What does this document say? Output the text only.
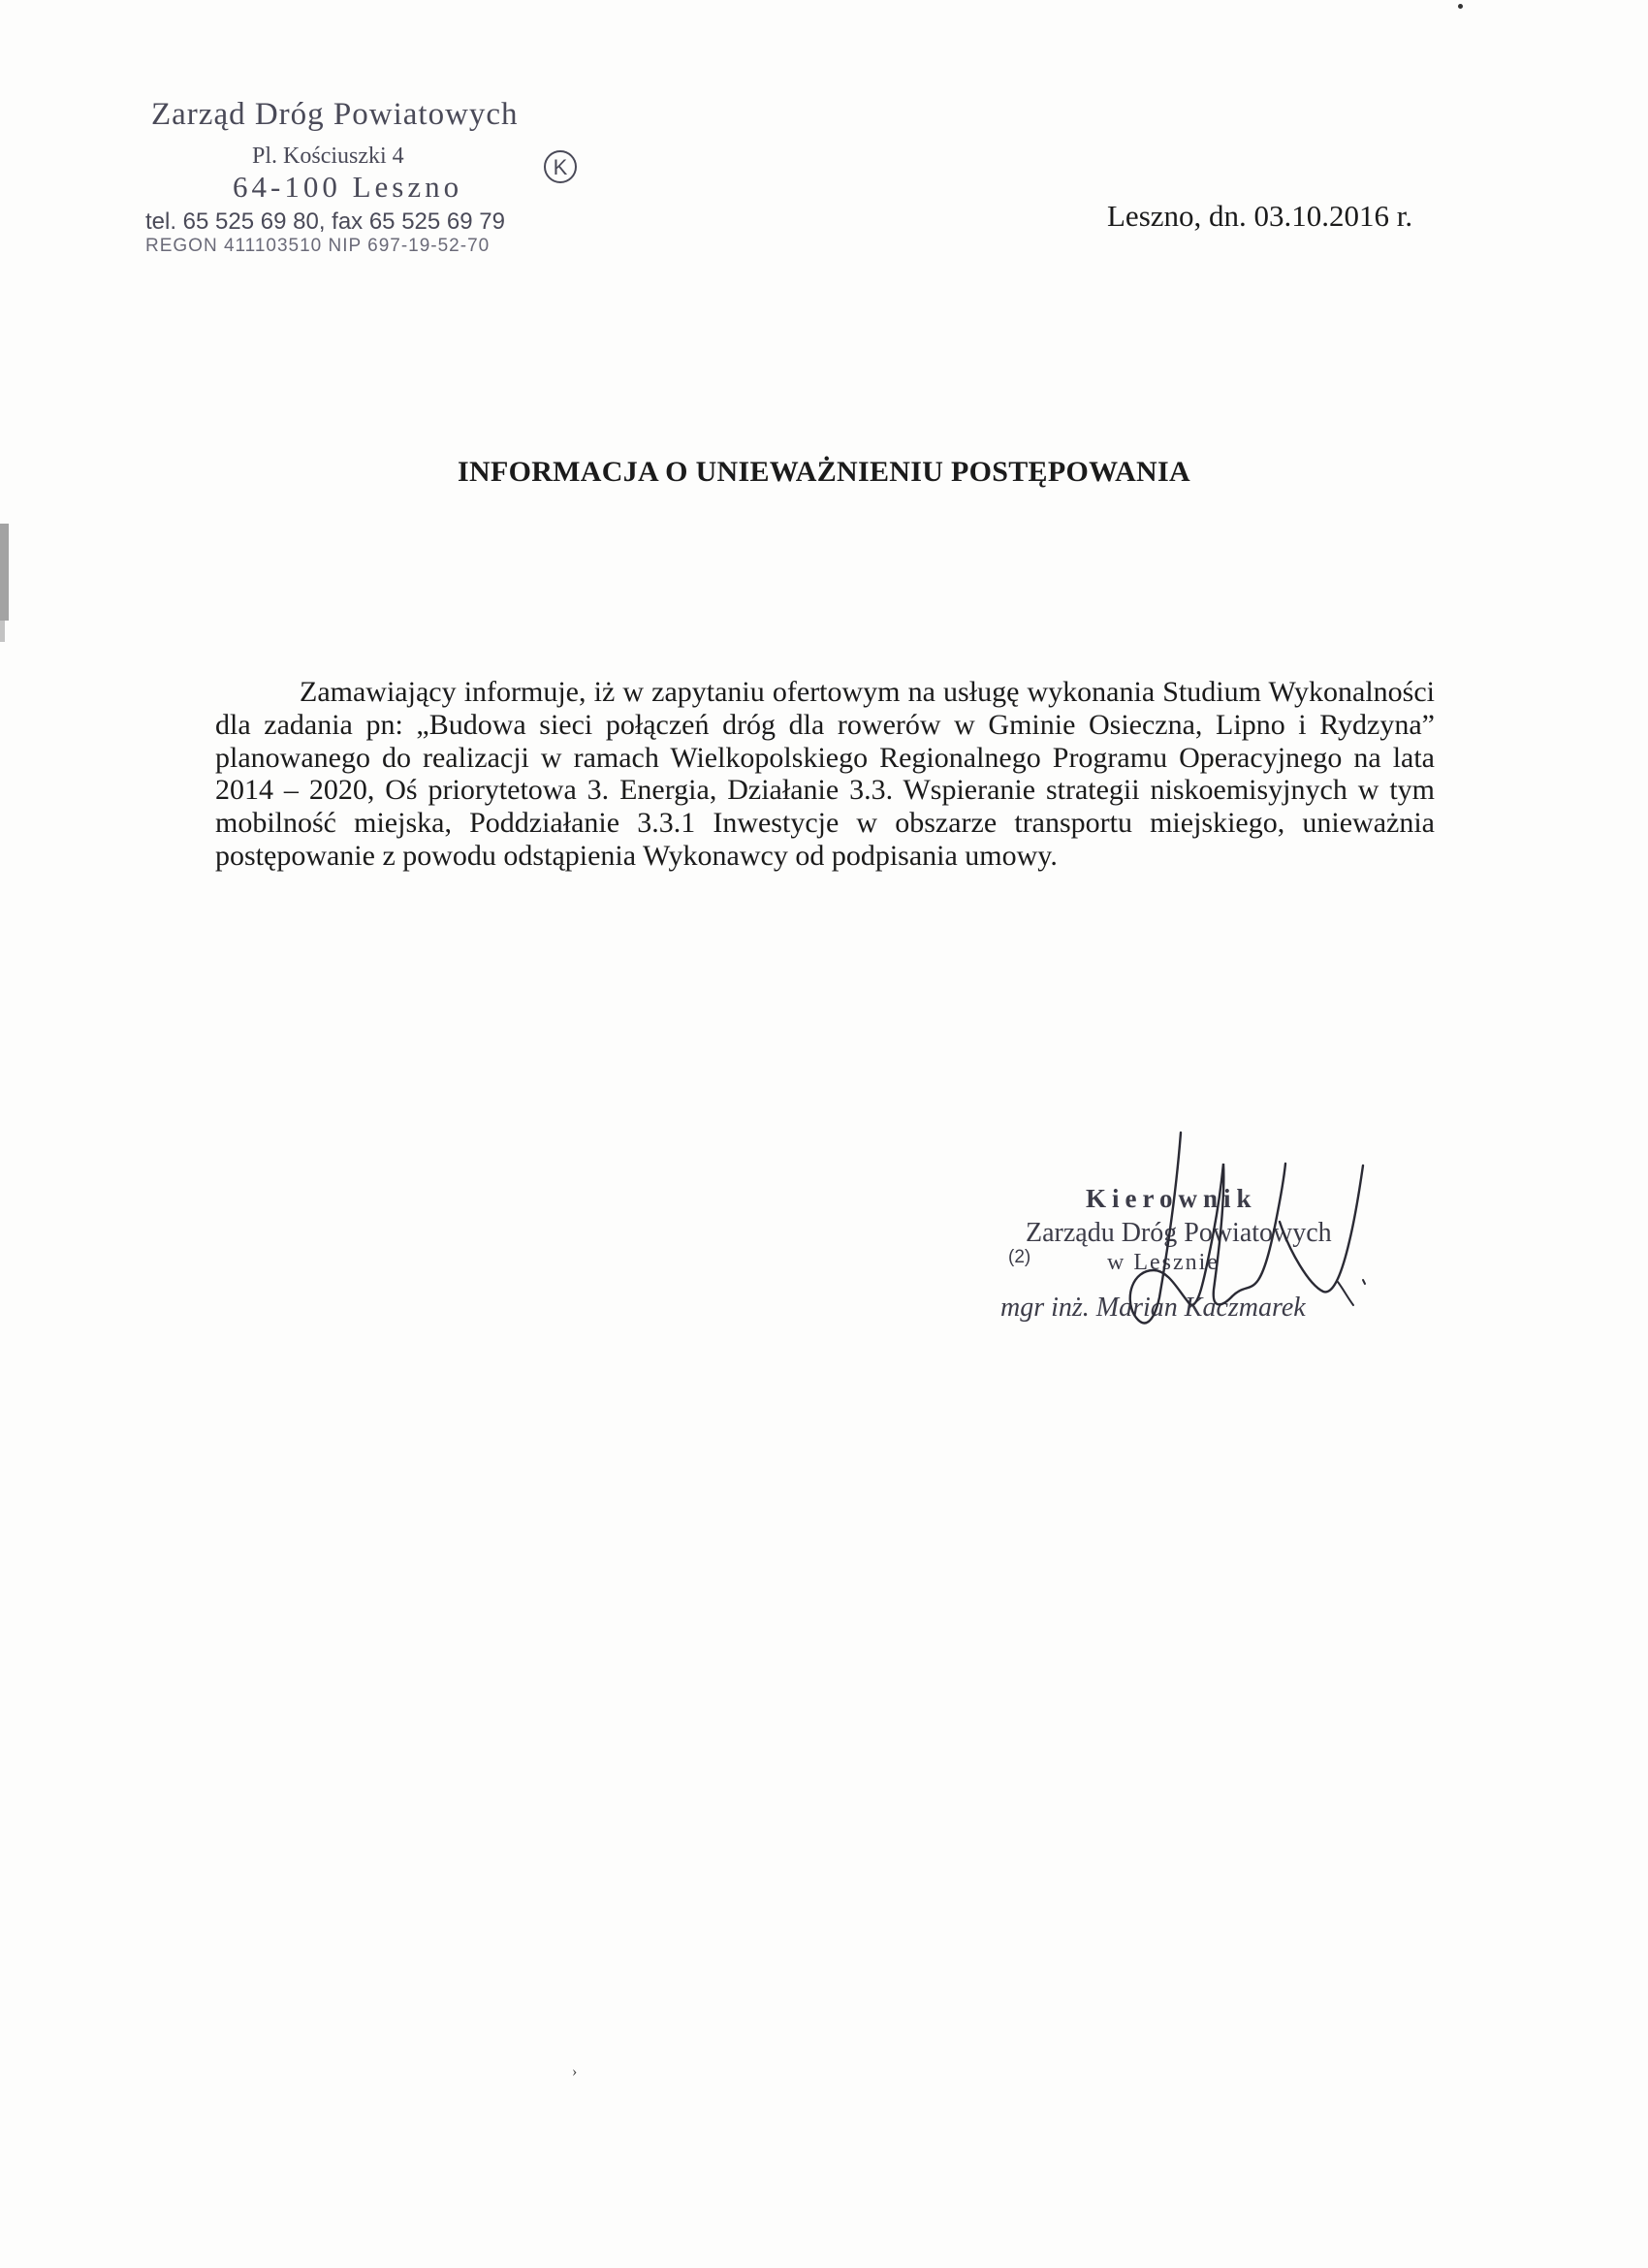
Zarząd Dróg Powiatowych
Pl. Kościuszki 4
64-100 Leszno
tel. 65 525 69 80, fax 65 525 69 79
REGON 411103510 NIP 697-19-52-70
K
Leszno, dn. 03.10.2016 r.
INFORMACJA O UNIEWAŻNIENIU POSTĘPOWANIA

Zamawiający informuje, iż w zapytaniu ofertowym na usługę wykonania Studium Wykonalności dla zadania pn: „Budowa sieci połączeń dróg dla rowerów w Gminie Osieczna, Lipno i Rydzyna” planowanego do realizacji w ramach Wielkopolskiego Regionalnego Programu Operacyjnego na lata 2014 – 2020, Oś priorytetowa 3. Energia, Działanie 3.3. Wspieranie strategii niskoemisyjnych w tym mobilność miejska, Poddziałanie 3.3.1 Inwestycje w obszarze transportu miejskiego, unieważnia postępowanie z powodu odstąpienia Wykonawcy od podpisania umowy.

Kierownik
Zarządu Dróg Powiatowych
(2)	w Lesznie
mgr inż. Marian Kaczmarek
›
